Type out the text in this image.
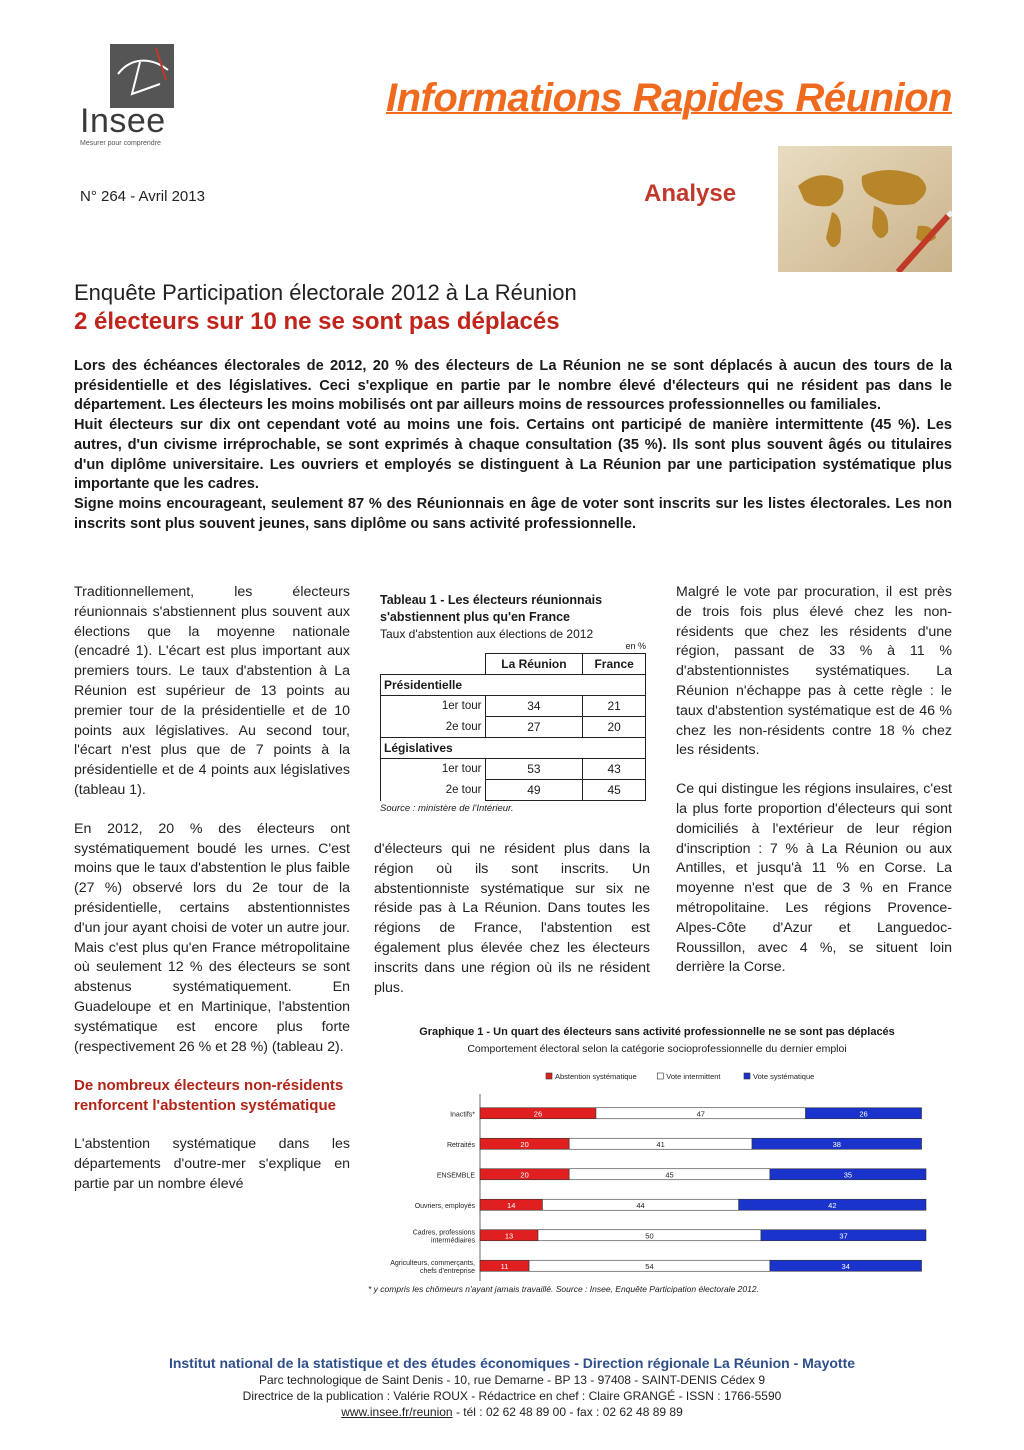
Insee
Mesurer pour comprendre
Informations Rapides Réunion
N° 264 - Avril 2013	Analyse
Enquête Participation électorale 2012 à La Réunion
2 électeurs sur 10 ne se sont pas déplacés

Lors des échéances électorales de 2012, 20 % des électeurs de La Réunion ne se sont déplacés à aucun des tours de la présidentielle et des législatives. Ceci s'explique en partie par le nombre élevé d'électeurs qui ne résident pas dans le département. Les électeurs les moins mobilisés ont par ailleurs moins de ressources professionnelles ou familiales.

Huit électeurs sur dix ont cependant voté au moins une fois. Certains ont participé de manière intermittente (45 %). Les autres, d'un civisme irréprochable, se sont exprimés à chaque consultation (35 %). Ils sont plus souvent âgés ou titulaires d'un diplôme universitaire. Les ouvriers et employés se distinguent à La Réunion par une participation systématique plus importante que les cadres.

Signe moins encourageant, seulement 87 % des Réunionnais en âge de voter sont inscrits sur les listes électorales. Les non inscrits sont plus souvent jeunes, sans diplôme ou sans activité professionnelle.

Traditionnellement, les électeurs réunionnais s'abstiennent plus souvent aux élections que la moyenne nationale (encadré 1). L'écart est plus important aux premiers tours. Le taux d'abstention à La Réunion est supérieur de 13 points au premier tour de la présidentielle et de 10 points aux législatives. Au second tour, l'écart n'est plus que de 7 points à la présidentielle et de 4 points aux législatives (tableau 1).

En 2012, 20 % des électeurs ont systématiquement boudé les urnes. C'est moins que le taux d'abstention le plus faible (27 %) observé lors du 2e tour de la présidentielle, certains abstentionnistes d'un jour ayant choisi de voter un autre jour. Mais c'est plus qu'en France métropolitaine où seulement 12 % des électeurs se sont abstenus systématiquement. En Guadeloupe et en Martinique, l'abstention systématique est encore plus forte (respectivement 26 % et 28 %) (tableau 2).

De nombreux électeurs non-résidents renforcent l'abstention systématique

L'abstention systématique dans les départements d'outre-mer s'explique en partie par un nombre élevé

Tableau 1 - Les électeurs réunionnais s'abstiennent plus qu'en France
Taux d'abstention aux élections de 2012
en %
	La Réunion	France
Présidentielle		
1er tour	34	21
2e tour	27	20
Législatives		
1er tour	53	43
2e tour	49	45
Source : ministère de l'Intérieur.

d'électeurs qui ne résident plus dans la région où ils sont inscrits. Un abstentionniste systématique sur six ne réside pas à La Réunion. Dans toutes les régions de France, l'abstention est également plus élevée chez les électeurs inscrits dans une région où ils ne résident plus.

Malgré le vote par procuration, il est près de trois fois plus élevé chez les non-résidents que chez les résidents d'une région, passant de 33 % à 11 % d'abstentionnistes systématiques. La Réunion n'échappe pas à cette règle : le taux d'abstention systématique est de 46 % chez les non-résidents contre 18 % chez les résidents.

Ce qui distingue les régions insulaires, c'est la plus forte proportion d'électeurs qui sont domiciliés à l'extérieur de leur région d'inscription : 7 % à La Réunion ou aux Antilles, et jusqu'à 11 % en Corse. La moyenne n'est que de 3 % en France métropolitaine. Les régions Provence-Alpes-Côte d'Azur et Languedoc-Roussillon, avec 4 %, se situent loin derrière la Corse.

Graphique 1 - Un quart des électeurs sans activité professionnelle ne se sont pas déplacés
Comportement électoral selon la catégorie socioprofessionnelle du dernier emploi
Abstention systématique	Vote intermittent	Vote systématique
Inactifs*	26	47	26
Retraités	20	41	38
ENSEMBLE	20	45	35
Ouvriers, employés	14	44	42
Cadres, professions
intermédiaires
13	50	37
Agriculteurs, commerçants,
chefs d'entreprise
11	54	34
* y compris les chômeurs n'ayant jamais travaillé. Source : Insee, Enquête Participation électorale 2012.
Institut national de la statistique et des études économiques - Direction régionale La Réunion - Mayotte
Parc technologique de Saint Denis - 10, rue Demarne - BP 13 - 97408 - SAINT-DENIS Cédex 9
Directrice de la publication : Valérie ROUX - Rédactrice en chef : Claire GRANGÉ - ISSN : 1766-5590
www.insee.fr/reunion - tél : 02 62 48 89 00 - fax : 02 62 48 89 89
